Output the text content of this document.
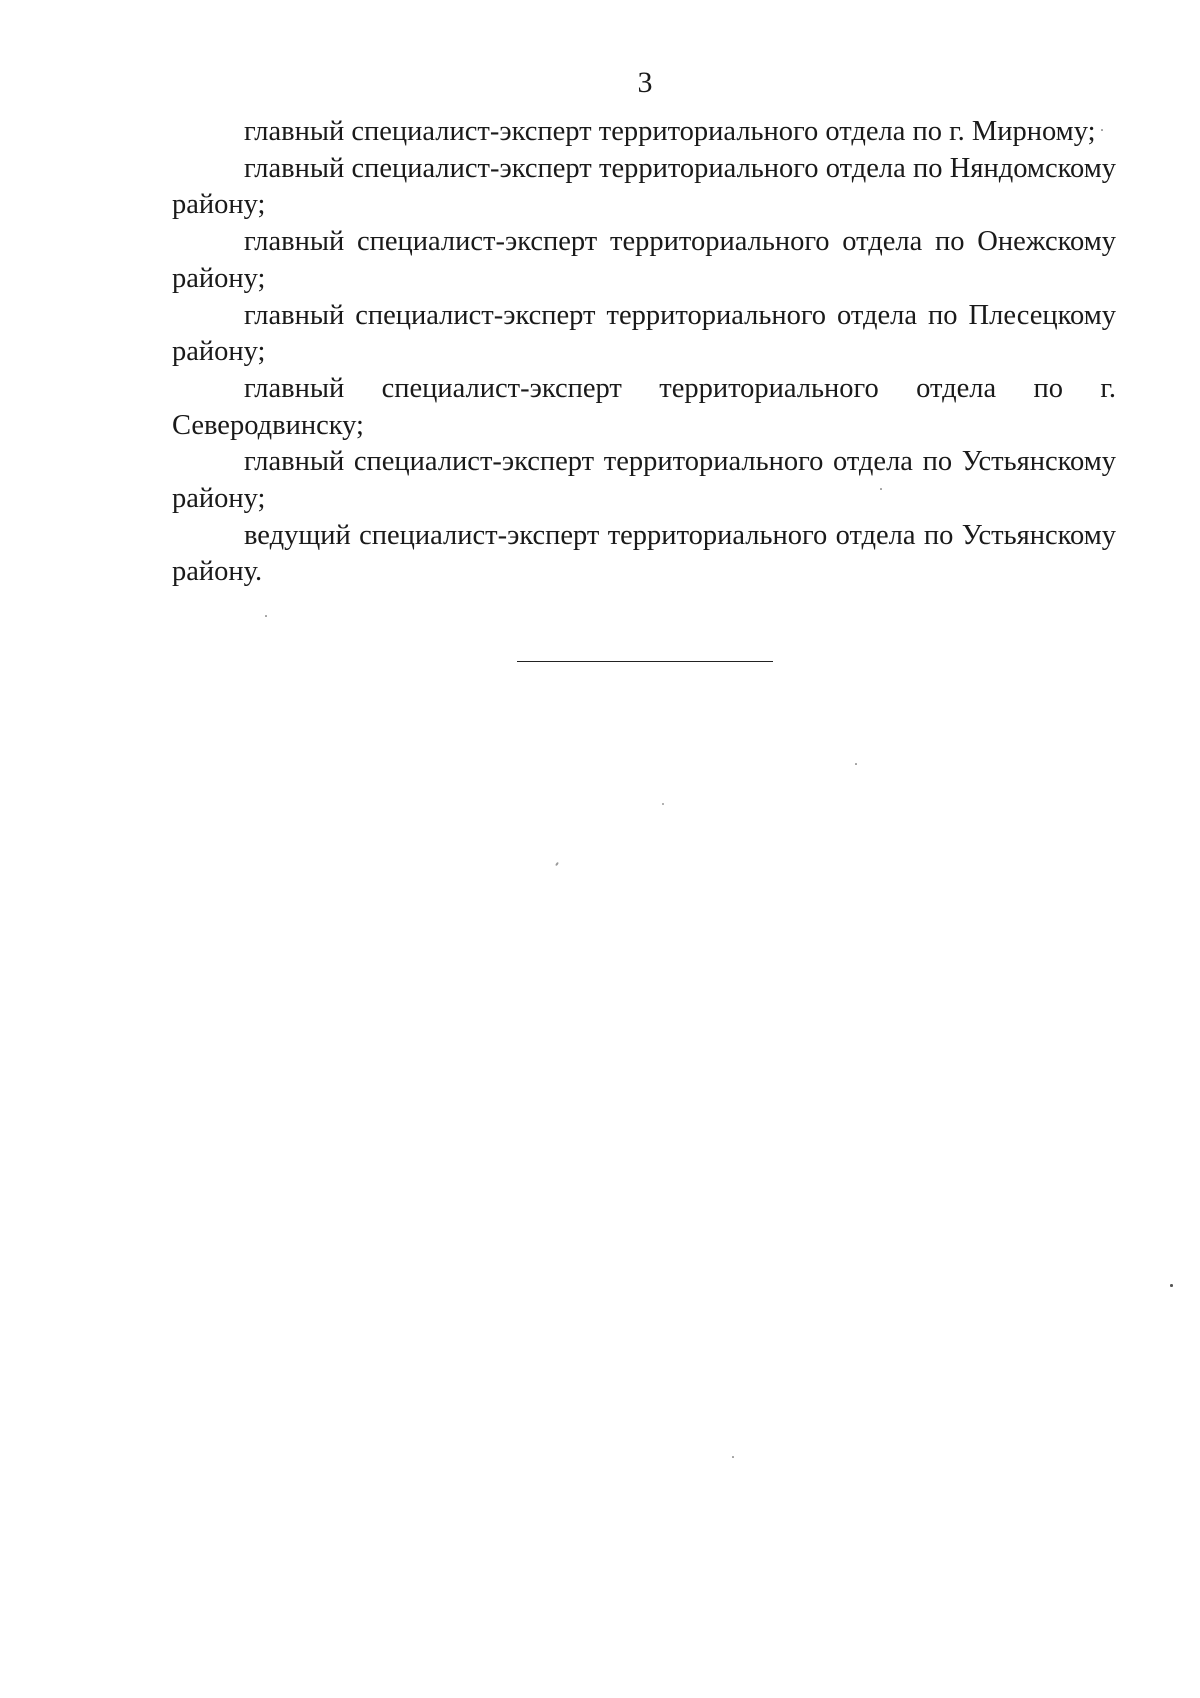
3

главный специалист-эксперт территориального отдела по г. Мирному;

главный специалист-эксперт территориального отдела по Няндомскому району;

главный специалист-эксперт территориального отдела по Онежскому району;

главный специалист-эксперт территориального отдела по Плесецкому району;

главный специалист-эксперт территориального отдела по г. Северодвинску;

главный специалист-эксперт территориального отдела по Устьянскому району;

ведущий специалист-эксперт территориального отдела по Устьянскому району.
